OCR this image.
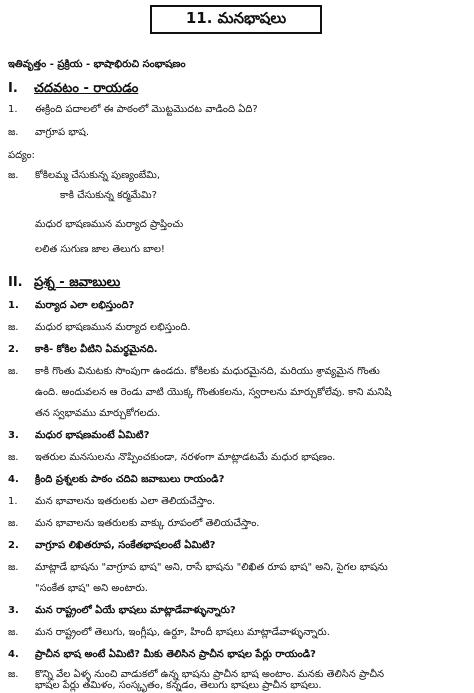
11. మనభాషలు
ఇతివృత్తం - ప్రక్రియ - భాషాభిరుచి సంభాషణం
I. చదవటం - రాయడం
1. ఈక్రింది పదాలలో ఈ పాఠంలో మొట్టమొదట వాడింది ఏది?
జ. వాగ్రూప భాష.
పద్యం:
జ. కోకిలమ్మ చేసుకున్న పుణ్యంబేమి,
కాకి చేసుకున్న కర్మమేమి?
మధుర భాషణమున మర్యాద ప్రాప్తించు
లలిత సుగుణ జాల తెలుగు బాల!
II. ప్రశ్న - జవాబులు
1. మర్యాద ఎలా లభిస్తుంది?
జ. మధుర భాషణమున మర్యాద లభిస్తుంది.
2. కాకి- కోకిల వీటిని ఏమర్థమైనది.
జ. కాకి గొంతు వినుటకు సొంపుగా ఉండదు. కోకిలకు మధురమైనది, మరియు శ్రావ్యమైన గొంతు
ఉంది. అందువలన ఆ రెండు వాటి యొక్క గొంతుకలను, స్వరాలను మార్చుకోలేవు. కాని మనిషి
తన స్వభావము మార్చుకోగలదు.
3. మధుర భాషణమంటే ఏమిటి?
జ. ఇతరుల మనసులను నొప్పించకుండా, నరళంగా మాట్లాడటమే మధుర భాషణం.
4. క్రింది ప్రశ్నలకు పాఠం చదివి జవాబులు రాయండి?
1. మన భావాలను ఇతరులకు ఎలా తెలియచేస్తాం.
జ. మన భావాలను ఇతరులకు వాక్కు రూపంలో తెలియచేస్తాం.
2. వాగ్రూప లిఖితరూప, సంకేతభాషలంటే ఏమిటి?
జ. మాట్లాడే భాషను "వాగ్రూప భాష" అని, రాసే భాషను "లిఖిత రూప భాష" అని, సైగల భాషను
"సంకేత భాష" అని అంటారు.
3. మన రాష్ట్రంలో ఏయే భాషలు మాట్లాడేవాళ్ళున్నారు?
జ. మన రాష్ట్రంలో తెలుగు, ఇంగ్లీషు, ఉర్దూ, హిందీ భాషలు మాట్లాడేవాళ్ళున్నారు.
4. ప్రాచీన భాష అంటే ఏమిటి? మీకు తెలిసిన ప్రాచీన భాషల పేర్లు రాయండి?
జ. కొన్ని వేల ఏళ్ళ నుంచి వాడుకలో ఉన్న భాషను ప్రాచీన భాష అంటాం. మనకు తెలిసిన ప్రాచీన
భాషల పేర్లు తమిళం, సంస్కృతం, కన్నడం, తెలుగు భాషలు ప్రాచీన భాషలు.
